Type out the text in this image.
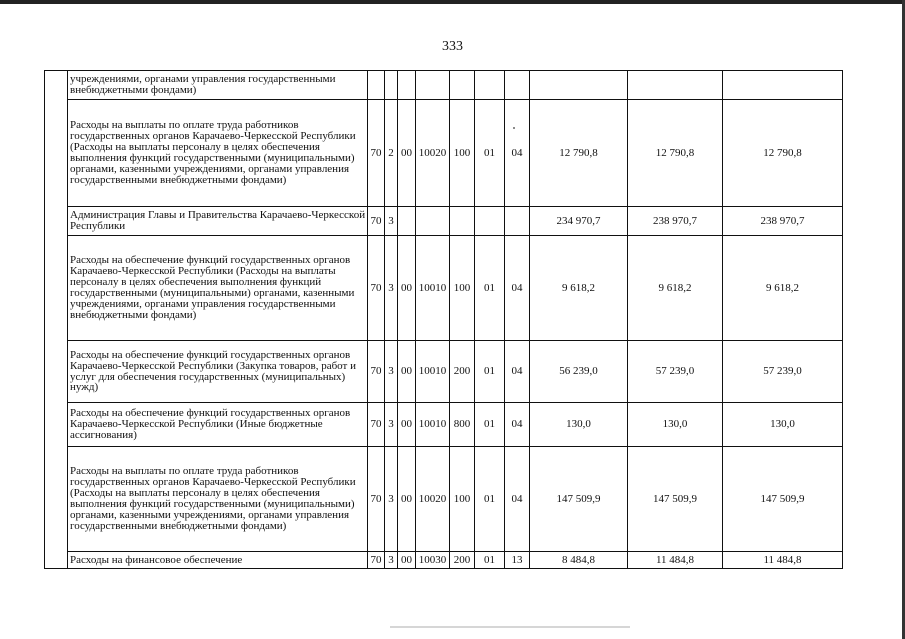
333
	учреждениями, органами управления государственными внебюджетными фондами)										
	Расходы на выплаты по оплате труда работников государственных органов Карачаево-Черкесской Республики (Расходы на выплаты персоналу в целях обеспечения выполнения функций государственными (муниципальными) органами, казенными учреждениями, органами управления государственными внебюджетными фондами)	70	2	00	10020	100	01	04	12 790,8	12 790,8	12 790,8
	Администрация Главы и Правительства Карачаево-Черкесской Республики	70	3						234 970,7	238 970,7	238 970,7
	Расходы на обеспечение функций государственных органов Карачаево-Черкесской Республики (Расходы на выплаты персоналу в целях обеспечения выполнения функций государственными (муниципальными) органами, казенными учреждениями, органами управления государственными внебюджетными фондами)	70	3	00	10010	100	01	04	9 618,2	9 618,2	9 618,2
	Расходы на обеспечение функций государственных органов Карачаево-Черкесской Республики (Закупка товаров, работ и услуг для обеспечения государственных (муниципальных) нужд)	70	3	00	10010	200	01	04	56 239,0	57 239,0	57 239,0
	Расходы на обеспечение функций государственных органов Карачаево-Черкесской Республики (Иные бюджетные ассигнования)	70	3	00	10010	800	01	04	130,0	130,0	130,0
	Расходы на выплаты по оплате труда работников государственных органов Карачаево-Черкесской Республики (Расходы на выплаты персоналу в целях обеспечения выполнения функций государственными (муниципальными) органами, казенными учреждениями, органами управления государственными внебюджетными фондами)	70	3	00	10020	100	01	04	147 509,9	147 509,9	147 509,9
	Расходы на финансовое обеспечение	70	3	00	10030	200	01	13	8 484,8	11 484,8	11 484,8
